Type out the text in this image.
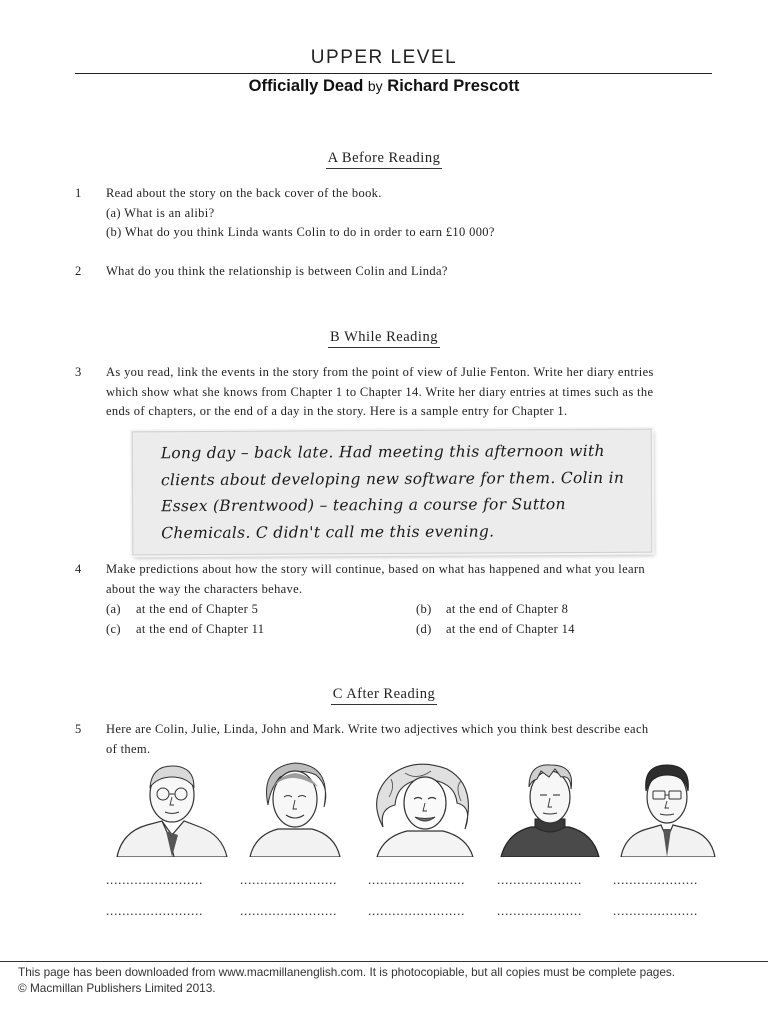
UPPER LEVEL
Officially Dead by Richard Prescott
A Before Reading
1 Read about the story on the back cover of the book.
(a) What is an alibi?
(b) What do you think Linda wants Colin to do in order to earn £10 000?
2 What do you think the relationship is between Colin and Linda?
B While Reading
3 As you read, link the events in the story from the point of view of Julie Fenton. Write her diary entries
which show what she knows from Chapter 1 to Chapter 14. Write her diary entries at times such as the
ends of chapters, or the end of a day in the story. Here is a sample entry for Chapter 1.
Long day – back late. Had meeting this afternoon with
clients about developing new software for them. Colin in
Essex (Brentwood) – teaching a course for Sutton
Chemicals. C didn't call me this evening.
4 Make predictions about how the story will continue, based on what has happened and what you learn
about the way the characters behave.
(a) at the end of Chapter 5	(b) at the end of Chapter 8
(c) at the end of Chapter 11	(d) at the end of Chapter 14
C After Reading
5 Here are Colin, Julie, Linda, John and Mark. Write two adjectives which you think best describe each
of them.
........................	........................ ........................ ..................... .....................
........................	........................ ........................ ..................... .....................
This page has been downloaded from www.macmillanenglish.com. It is photocopiable, but all copies must be complete pages.
© Macmillan Publishers Limited 2013.
